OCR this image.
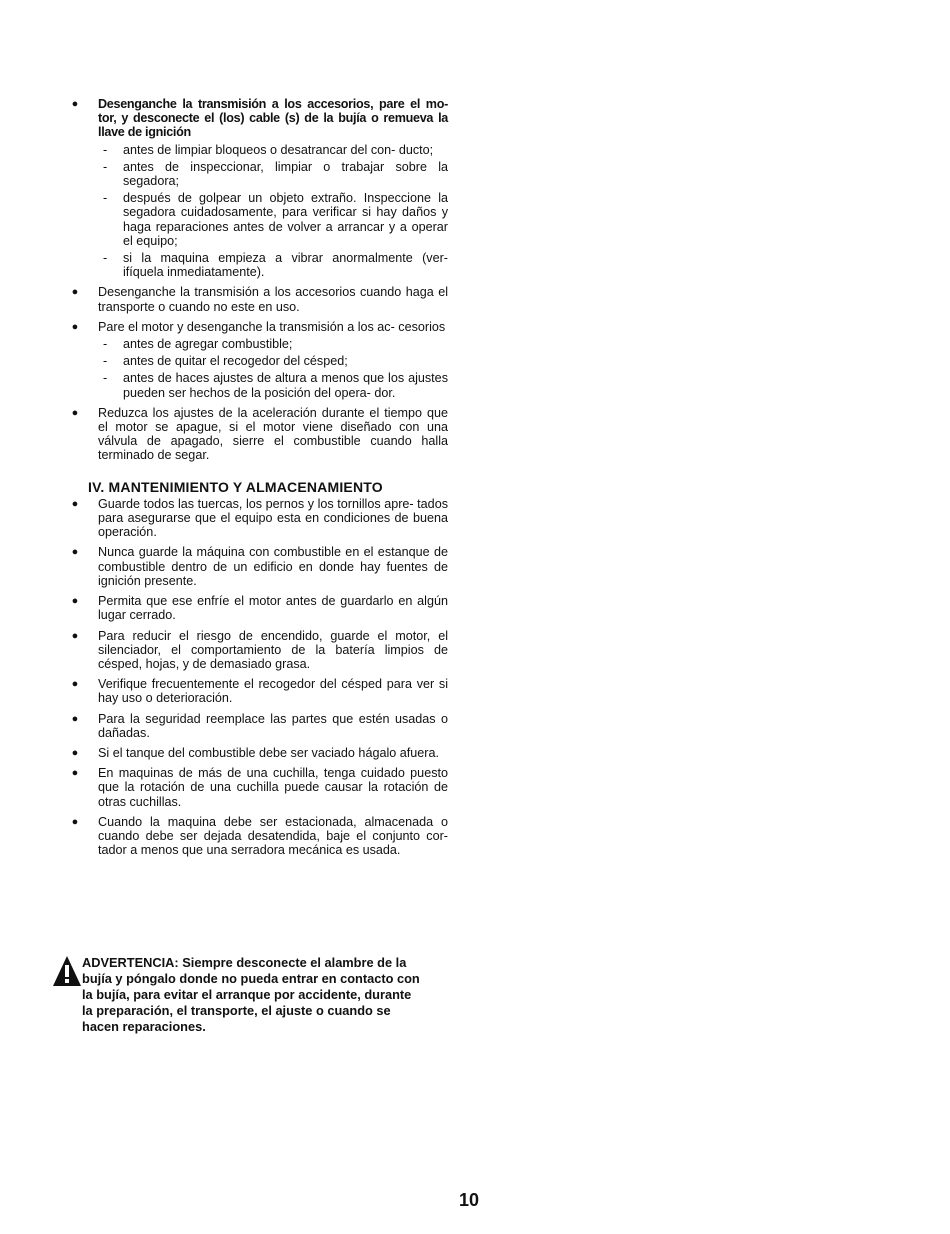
● Desenganche la transmisión a los accesorios, pare el mo- tor, y desconecte el (los) cable (s) de la bujía o remueva la llave de ignición
- antes de limpiar bloqueos o desatrancar del con- ducto;
- antes de inspeccionar, limpiar o trabajar sobre la segadora;
- después de golpear un objeto extraño. Inspeccione la segadora cuidadosamente, para verificar si hay daños y haga reparaciones antes de volver a arrancar y a operar el equipo;
- si la maquina empieza a vibrar anormalmente (ver- ifíquela inmediatamente).
● Desenganche la transmisión a los accesorios cuando haga el transporte o cuando no este en uso.
● Pare el motor y desenganche la transmisión a los ac- cesorios
- antes de agregar combustible;
- antes de quitar el recogedor del césped;
- antes de haces ajustes de altura a menos que los ajustes pueden ser hechos de la posición del opera- dor.
● Reduzca los ajustes de la aceleración durante el tiempo que el motor se apague, si el motor viene diseñado con una válvula de apagado, sierre el combustible cuando halla terminado de segar.
IV. MANTENIMIENTO Y ALMACENAMIENTO
● Guarde todos las tuercas, los pernos y los tornillos apre- tados para asegurarse que el equipo esta en condiciones de buena operación.
● Nunca guarde la máquina con combustible en el estanque de combustible dentro de un edificio en donde hay fuentes de ignición presente.
● Permita que ese enfríe el motor antes de guardarlo en algún lugar cerrado.
● Para reducir el riesgo de encendido, guarde el motor, el silenciador, el comportamiento de la batería limpios de césped, hojas, y de demasiado grasa.
● Verifique frecuentemente el recogedor del césped para ver si hay uso o deterioración.
● Para la seguridad reemplace las partes que estén usadas o dañadas.
● Si el tanque del combustible debe ser vaciado hágalo afuera.
● En maquinas de más de una cuchilla, tenga cuidado puesto que la rotación de una cuchilla puede causar la rotación de otras cuchillas.
● Cuando la maquina debe ser estacionada, almacenada o cuando debe ser dejada desatendida, baje el conjunto cor- tador a menos que una serradora mecánica es usada.
ADVERTENCIA: Siempre desconecte el alambre de la
bujía y póngalo donde no pueda entrar en contacto con la bujía, para evitar el arranque por accidente, durante la preparación, el transporte, el ajuste o cuando se hacen reparaciones.
10
